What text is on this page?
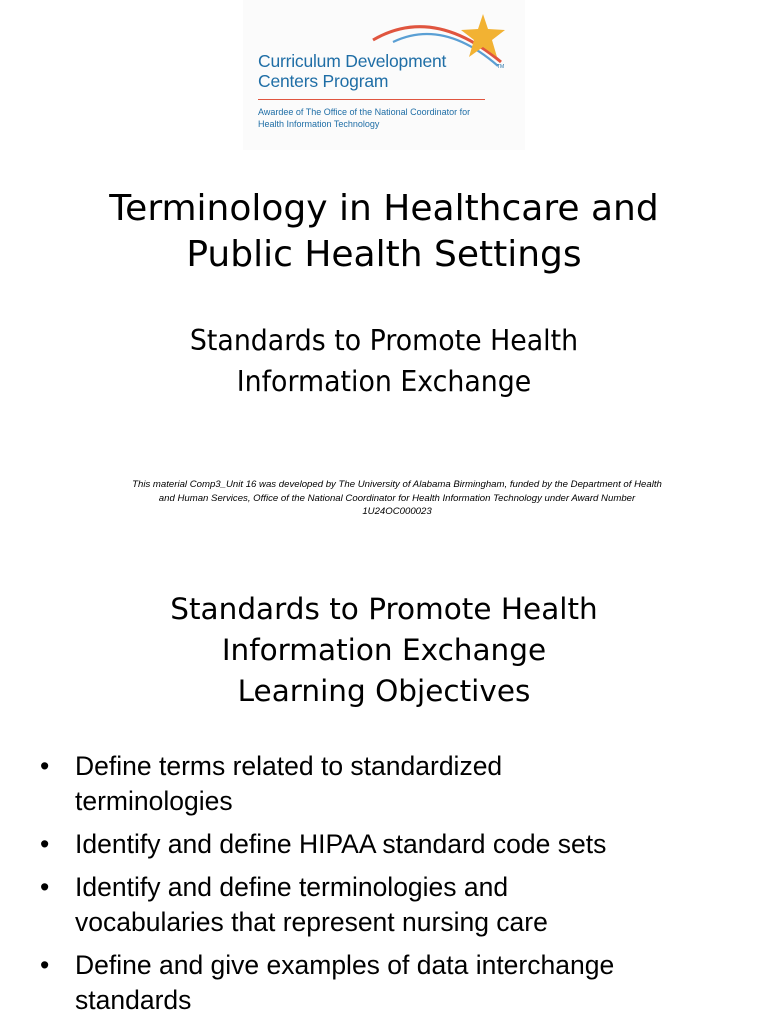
Curriculum Development
Centers Program
TM
Awardee of The Office of the National Coordinator for
Health Information Technology
Terminology in Healthcare and
Public Health Settings
Standards to Promote Health
Information Exchange
This material Comp3_Unit 16 was developed by The University of Alabama Birmingham, funded by the Department of Health
and Human Services, Office of the National Coordinator for Health Information Technology under Award Number
1U24OC000023
Standards to Promote Health
Information Exchange
Learning Objectives
• Define terms related to standardized
terminologies
• Identify and define HIPAA standard code sets
• Identify and define terminologies and
vocabularies that represent nursing care
• Define and give examples of data interchange
standards
